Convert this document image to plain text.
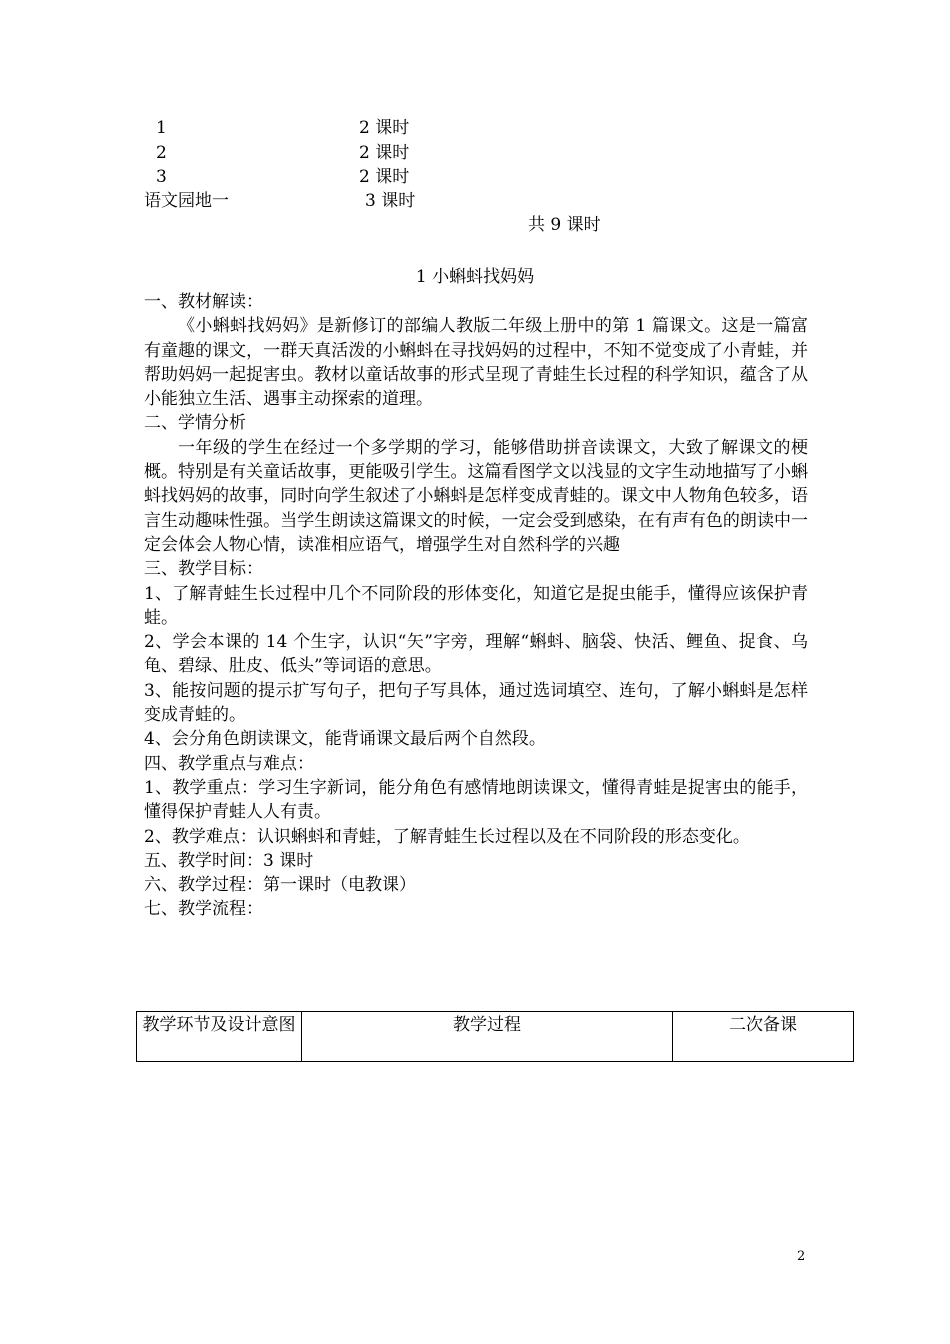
1	2 课时
2	2 课时
3	2 课时
语文园地一	3 课时
共 9 课时
1 小蝌蚪找妈妈

一、教材解读：

《小蝌蚪找妈妈》是新修订的部编人教版二年级上册中的第 1 篇课文。这是一篇富有童趣的课文，一群天真活泼的小蝌蚪在寻找妈妈的过程中，不知不觉变成了小青蛙，并帮助妈妈一起捉害虫。教材以童话故事的形式呈现了青蛙生长过程的科学知识，蕴含了从小能独立生活、遇事主动探索的道理。

二、学情分析

一年级的学生在经过一个多学期的学习，能够借助拼音读课文，大致了解课文的梗概。特别是有关童话故事，更能吸引学生。这篇看图学文以浅显的文字生动地描写了小蝌蚪找妈妈的故事，同时向学生叙述了小蝌蚪是怎样变成青蛙的。课文中人物角色较多，语言生动趣味性强。当学生朗读这篇课文的时候，一定会受到感染，在有声有色的朗读中一定会体会人物心情，读准相应语气，增强学生对自然科学的兴趣

三、教学目标：

1、了解青蛙生长过程中几个不同阶段的形体变化，知道它是捉虫能手，懂得应该保护青蛙。

2、学会本课的 14 个生字，认识“矢”字旁，理解“蝌蚪、脑袋、快活、鲤鱼、捉食、乌龟、碧绿、肚皮、低头”等词语的意思。

3、能按问题的提示扩写句子，把句子写具体，通过选词填空、连句，了解小蝌蚪是怎样变成青蛙的。

4、会分角色朗读课文，能背诵课文最后两个自然段。

四、教学重点与难点：

1、教学重点：学习生字新词，能分角色有感情地朗读课文，懂得青蛙是捉害虫的能手，懂得保护青蛙人人有责。

2、教学难点：认识蝌蚪和青蛙，了解青蛙生长过程以及在不同阶段的形态变化。

五、教学时间：3 课时

六、教学过程：第一课时（电教课）

七、教学流程：

教学环节及设计意图	教学过程	二次备课
2
